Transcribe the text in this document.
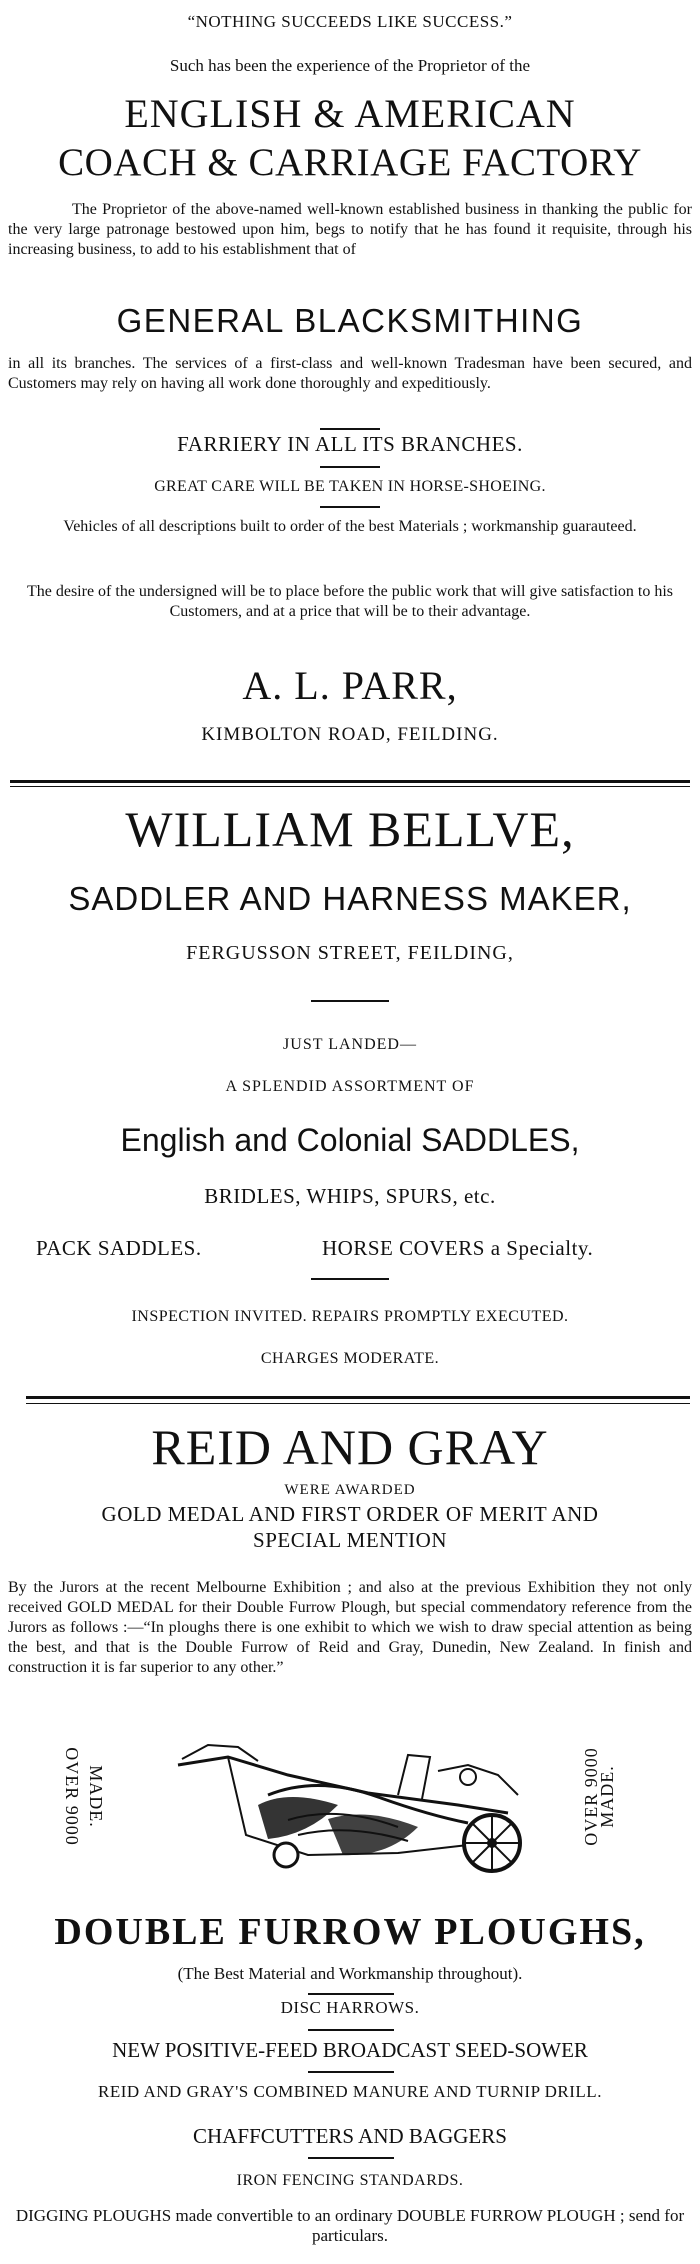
“NOTHING SUCCEEDS LIKE SUCCESS.”

Such has been the experience of the Proprietor of the

ENGLISH & AMERICAN

COACH & CARRIAGE FACTORY

The Proprietor of the above-named well-known established business in thanking the public for the very large patronage bestowed upon him, begs to notify that he has found it requisite, through his increasing business, to add to his establishment that of

GENERAL BLACKSMITHING

in all its branches. The services of a first-class and well-known Tradesman have been secured, and Customers may rely on having all work done thoroughly and expeditiously.

FARRIERY IN ALL ITS BRANCHES.

GREAT CARE WILL BE TAKEN IN HORSE-SHOEING.

Vehicles of all descriptions built to order of the best Materials ; workmanship guarauteed.

The desire of the undersigned will be to place before the public work that will give satisfaction to his Customers, and at a price that will be to their advantage.

A. L. PARR,

KIMBOLTON ROAD, FEILDING.

WILLIAM BELLVE,

SADDLER AND HARNESS MAKER,

FERGUSSON STREET, FEILDING,

JUST LANDED—

A SPLENDID ASSORTMENT OF

English and Colonial SADDLES,

BRIDLES, WHIPS, SPURS, etc.

PACK SADDLES.	HORSE COVERS a Specialty.

INSPECTION INVITED. REPAIRS PROMPTLY EXECUTED.

CHARGES MODERATE.

REID AND GRAY

WERE AWARDED

GOLD MEDAL AND FIRST ORDER OF MERIT AND

SPECIAL MENTION

By the Jurors at the recent Melbourne Exhibition ; and also at the previous Exhibition they not only received GOLD MEDAL for their Double Furrow Plough, but special commendatory reference from the Jurors as follows :—“In ploughs there is one exhibit to which we wish to draw special attention as being the best, and that is the Double Furrow of Reid and Gray, Dunedin, New Zealand. In finish and construction it is far superior to any other.”

MADE.
OVER 9000	MADE.
OVER 9000

DOUBLE FURROW PLOUGHS,

(The Best Material and Workmanship throughout).

DISC HARROWS.

NEW POSITIVE-FEED BROADCAST SEED-SOWER

REID AND GRAY'S COMBINED MANURE AND TURNIP DRILL.

CHAFFCUTTERS AND BAGGERS

IRON FENCING STANDARDS.

DIGGING PLOUGHS made convertible to an ordinary DOUBLE FURROW PLOUGH ; send for particulars.
